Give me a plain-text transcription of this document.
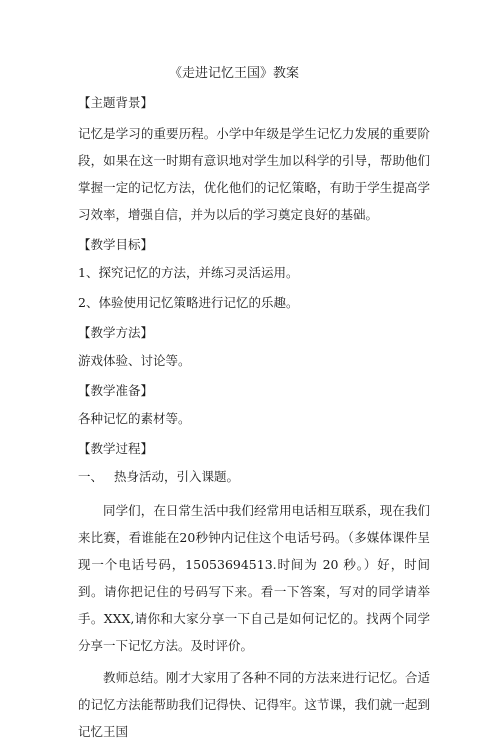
《走进记忆王国》教案
【主题背景】
记忆是学习的重要历程。小学中年级是学生记忆力发展的重要阶段，如果在这一时期有意识地对学生加以科学的引导，帮助他们掌握一定的记忆方法，优化他们的记忆策略，有助于学生提高学习效率，增强自信，并为以后的学习奠定良好的基础。
【教学目标】
1、探究记忆的方法，并练习灵活运用。
2、体验使用记忆策略进行记忆的乐趣。
【教学方法】
游戏体验、讨论等。
【教学准备】
各种记忆的素材等。
【教学过程】
一、 热身活动，引入课题。
同学们，在日常生活中我们经常用电话相互联系，现在我们来比赛，看谁能在20秒钟内记住这个电话号码。（多媒体课件呈现一个电话号码，15053694513.时间为 20 秒。）好，时间到。请你把记住的号码写下来。看一下答案，写对的同学请举手。XXX,请你和大家分享一下自己是如何记忆的。找两个同学分享一下记忆方法。及时评价。
教师总结。刚才大家用了各种不同的方法来进行记忆。合适的记忆方法能帮助我们记得快、记得牢。这节课，我们就一起到记忆王国
